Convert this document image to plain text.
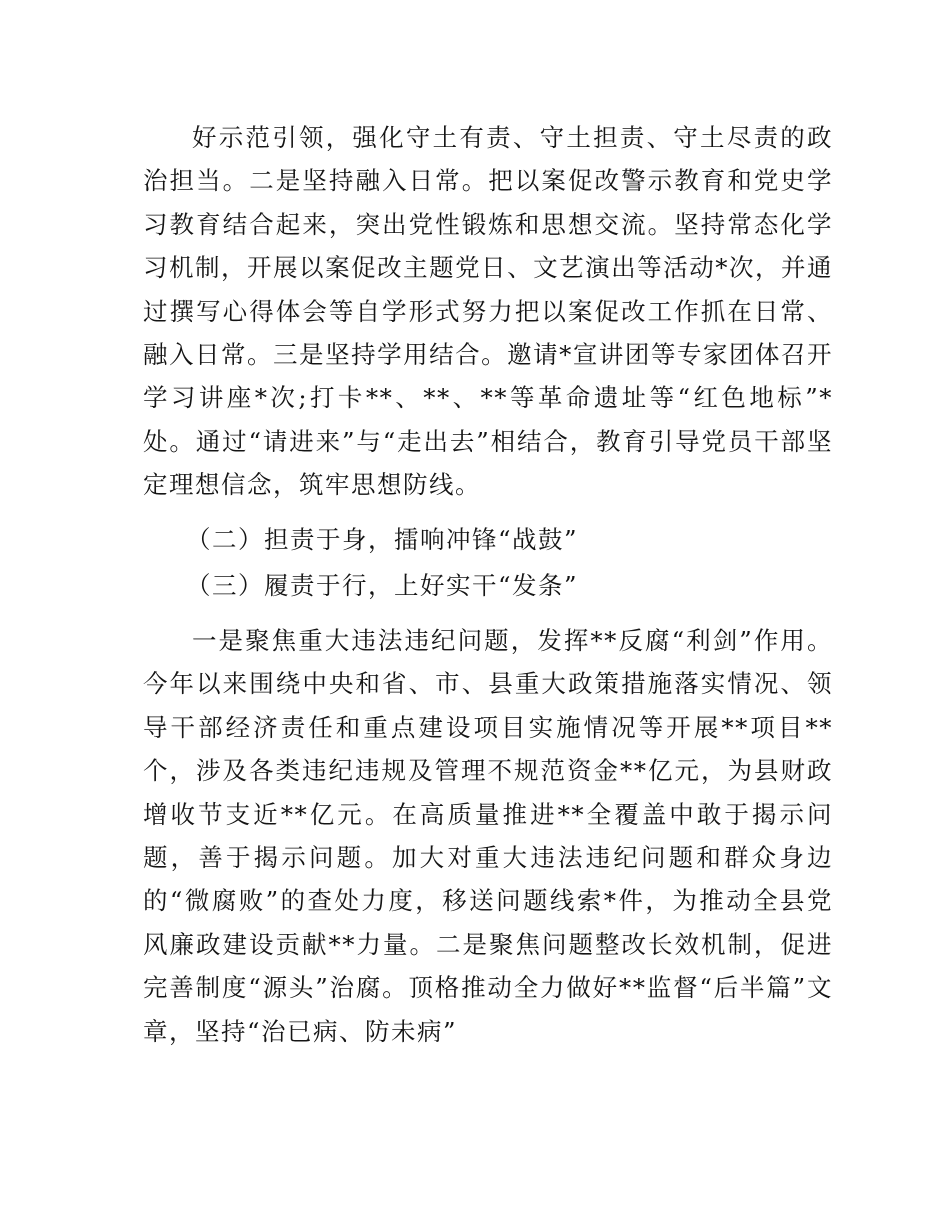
好示范引领，强化守土有责、守土担责、守土尽责的政治担当。二是坚持融入日常。把以案促改警示教育和党史学习教育结合起来，突出党性锻炼和思想交流。坚持常态化学习机制，开展以案促改主题党日、文艺演出等活动*次，并通过撰写心得体会等自学形式努力把以案促改工作抓在日常、融入日常。三是坚持学用结合。邀请*宣讲团等专家团体召开学习讲座*次;打卡**、**、**等革命遗址等“红色地标”*处。通过“请进来”与“走出去”相结合，教育引导党员干部坚定理想信念，筑牢思想防线。

（二）担责于身，擂响冲锋“战鼓”

（三）履责于行，上好实干“发条”

一是聚焦重大违法违纪问题，发挥**反腐“利剑”作用。今年以来围绕中央和省、市、县重大政策措施落实情况、领导干部经济责任和重点建设项目实施情况等开展**项目**个，涉及各类违纪违规及管理不规范资金**亿元，为县财政增收节支近**亿元。在高质量推进**全覆盖中敢于揭示问题，善于揭示问题。加大对重大违法违纪问题和群众身边的“微腐败”的查处力度，移送问题线索*件，为推动全县党风廉政建设贡献**力量。二是聚焦问题整改长效机制，促进完善制度“源头”治腐。顶格推动全力做好**监督“后半篇”文章，坚持“治已病、防未病”
